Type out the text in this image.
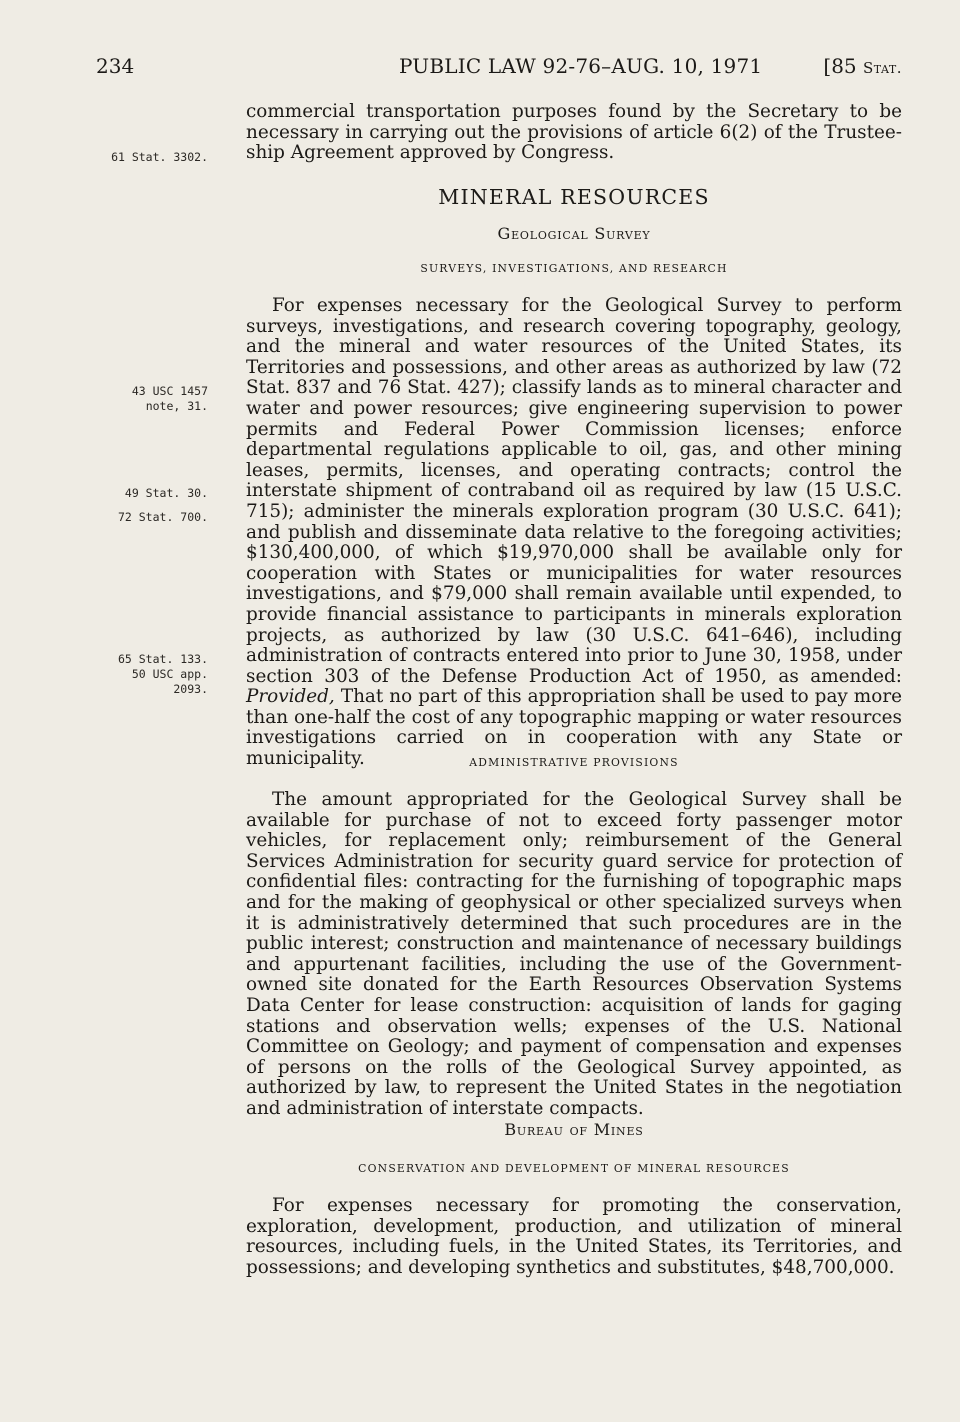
234	PUBLIC LAW 92-76–AUG. 10, 1971	[85 Stat.
61 Stat. 3302.
43 USC 1457 note, 31.
49 Stat. 30.
72 Stat. 700.
65 Stat. 133. 50 USC app. 2093.

commercial transportation purposes found by the Secretary to be necessary in carrying out the provisions of article 6(2) of the Trustee-ship Agreement approved by Congress.

MINERAL RESOURCES
Geological Survey
SURVEYS, INVESTIGATIONS, AND RESEARCH

For expenses necessary for the Geological Survey to perform surveys, investigations, and research covering topography, geology, and the mineral and water resources of the United States, its Territories and possessions, and other areas as authorized by law (72 Stat. 837 and 76 Stat. 427); classify lands as to mineral character and water and power resources; give engineering supervision to power permits and Federal Power Commission licenses; enforce departmental regulations applicable to oil, gas, and other mining leases, permits, licenses, and operating contracts; control the interstate shipment of contraband oil as required by law (15 U.S.C. 715); administer the minerals exploration program (30 U.S.C. 641); and publish and disseminate data relative to the foregoing activities; $130,400,000, of which $19,970,000 shall be available only for cooperation with States or municipalities for water resources investigations, and $79,000 shall remain available until expended, to provide financial assistance to participants in minerals exploration projects, as authorized by law (30 U.S.C. 641–646), including administration of contracts entered into prior to June 30, 1958, under section 303 of the Defense Production Act of 1950, as amended: Provided, That no part of this appropriation shall be used to pay more than one-half the cost of any topographic mapping or water resources investigations carried on in cooperation with any State or municipality.	ADMINISTRATIVE PROVISIONS

The amount appropriated for the Geological Survey shall be available for purchase of not to exceed forty passenger motor vehicles, for replacement only; reimbursement of the General Services Administration for security guard service for protection of confidential files: contracting for the furnishing of topographic maps and for the making of geophysical or other specialized surveys when it is administratively determined that such procedures are in the public interest; construction and maintenance of necessary buildings and appurtenant facilities, including the use of the Government-owned site donated for the Earth Resources Observation Systems Data Center for lease construction: acquisition of lands for gaging stations and observation wells; expenses of the U.S. National Committee on Geology; and payment of compensation and expenses of persons on the rolls of the Geological Survey appointed, as authorized by law, to represent the United States in the negotiation and administration of interstate compacts.

Bureau of Mines
CONSERVATION AND DEVELOPMENT OF MINERAL RESOURCES

For expenses necessary for promoting the conservation, exploration, development, production, and utilization of mineral resources, including fuels, in the United States, its Territories, and possessions; and developing synthetics and substitutes, $48,700,000.
